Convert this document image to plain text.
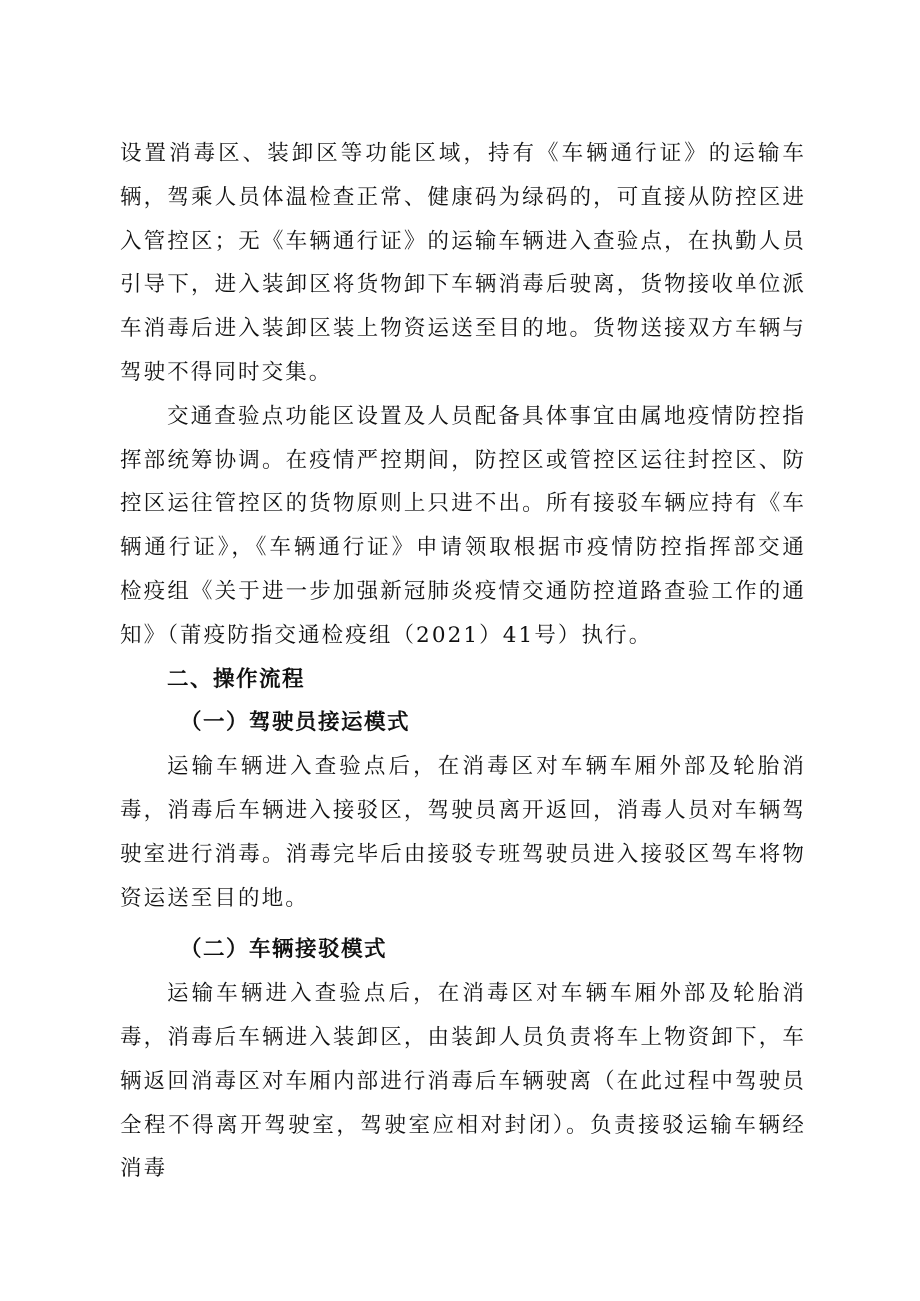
设置消毒区、装卸区等功能区域，持有《车辆通行证》的运输车辆，驾乘人员体温检查正常、健康码为绿码的，可直接从防控区进入管控区；无《车辆通行证》的运输车辆进入查验点，在执勤人员引导下，进入装卸区将货物卸下车辆消毒后驶离，货物接收单位派车消毒后进入装卸区装上物资运送至目的地。货物送接双方车辆与驾驶不得同时交集。

交通查验点功能区设置及人员配备具体事宜由属地疫情防控指挥部统筹协调。在疫情严控期间，防控区或管控区运往封控区、防控区运往管控区的货物原则上只进不出。所有接驳车辆应持有《车辆通行证》，《车辆通行证》申请领取根据市疫情防控指挥部交通检疫组《关于进一步加强新冠肺炎疫情交通防控道路查验工作的通知》（莆疫防指交通检疫组（2021）41号）执行。

二、操作流程

（一）驾驶员接运模式

运输车辆进入查验点后，在消毒区对车辆车厢外部及轮胎消毒，消毒后车辆进入接驳区，驾驶员离开返回，消毒人员对车辆驾驶室进行消毒。消毒完毕后由接驳专班驾驶员进入接驳区驾车将物资运送至目的地。

（二）车辆接驳模式

运输车辆进入查验点后，在消毒区对车辆车厢外部及轮胎消毒，消毒后车辆进入装卸区，由装卸人员负责将车上物资卸下，车辆返回消毒区对车厢内部进行消毒后车辆驶离（在此过程中驾驶员全程不得离开驾驶室，驾驶室应相对封闭）。负责接驳运输车辆经消毒
